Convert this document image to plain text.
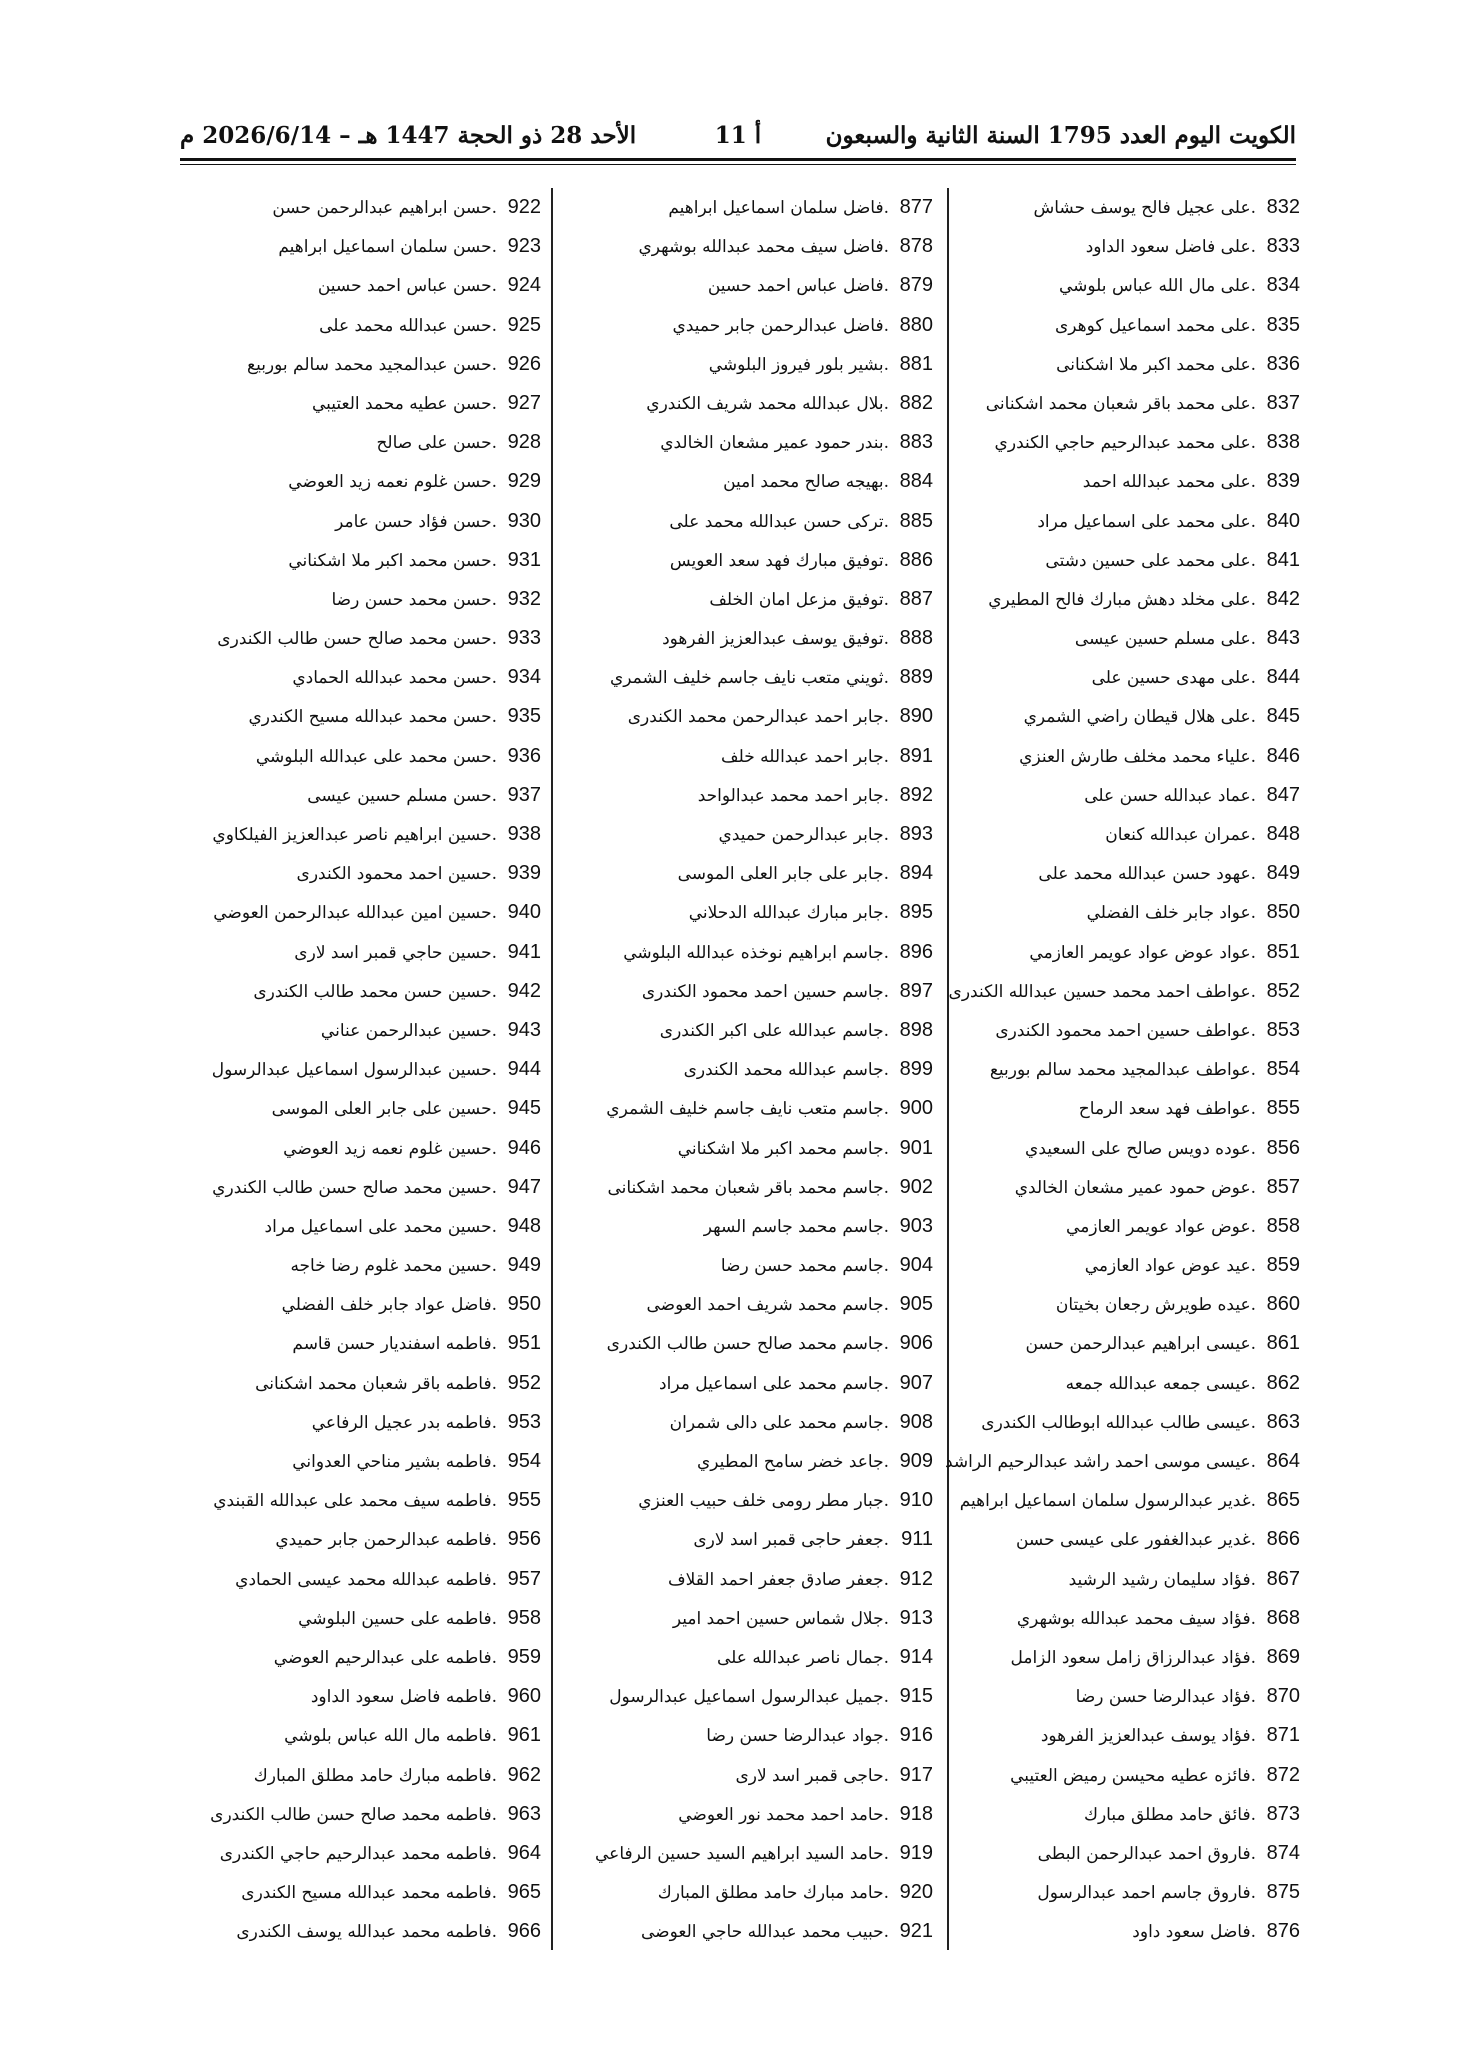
الكويت اليوم العدد 1795 السنة الثانية والسبعون
أ 11
الأحد 28 ذو الحجة 1447 هـ – 2026/6/14 م
832.على عجيل فالح يوسف حشاش
833.على فاضل سعود الداود
834.على مال الله عباس بلوشي
835.على محمد اسماعيل كوهرى
836.على محمد اكبر ملا اشكنانى
837.على محمد باقر شعبان محمد اشكنانى
838.على محمد عبدالرحيم حاجي الكندري
839.على محمد عبدالله احمد
840.على محمد على اسماعيل مراد
841.على محمد على حسين دشتى
842.على مخلد دهش مبارك فالح المطيري
843.على مسلم حسين عيسى
844.على مهدى حسين على
845.على هلال قيطان راضي الشمري
846.علياء محمد مخلف طارش العنزي
847.عماد عبدالله حسن على
848.عمران عبدالله كنعان
849.عهود حسن عبدالله محمد على
850.عواد جابر خلف الفضلي
851.عواد عوض عواد عويمر العازمي
852.عواطف احمد محمد حسين عبدالله الكندرى
853.عواطف حسين احمد محمود الكندرى
854.عواطف عبدالمجيد محمد سالم بوربيع
855.عواطف فهد سعد الرماح
856.عوده دويس صالح على السعيدي
857.عوض حمود عمير مشعان الخالدي
858.عوض عواد عويمر العازمي
859.عيد عوض عواد العازمي
860.عيده طويرش رجعان بخيتان
861.عيسى ابراهيم عبدالرحمن حسن
862.عيسى جمعه عبدالله جمعه
863.عيسى طالب عبدالله ابوطالب الكندرى
864.عيسى موسى احمد راشد عبدالرحيم الراشد
865.غدير عبدالرسول سلمان اسماعيل ابراهيم
866.غدير عبدالغفور على عيسى حسن
867.فؤاد سليمان رشيد الرشيد
868.فؤاد سيف محمد عبدالله بوشهري
869.فؤاد عبدالرزاق زامل سعود الزامل
870.فؤاد عبدالرضا حسن رضا
871.فؤاد يوسف عبدالعزيز الفرهود
872.فائزه عطيه محيسن رميض العتيبي
873.فائق حامد مطلق مبارك
874.فاروق احمد عبدالرحمن البطى
875.فاروق جاسم احمد عبدالرسول
876.فاضل سعود داود
877.فاضل سلمان اسماعيل ابراهيم
878.فاضل سيف محمد عبدالله بوشهري
879.فاضل عباس احمد حسين
880.فاضل عبدالرحمن جابر حميدي
881.بشير بلور فيروز البلوشي
882.بلال عبدالله محمد شريف الكندري
883.بندر حمود عمير مشعان الخالدي
884.بهيجه صالح محمد امين
885.تركى حسن عبدالله محمد على
886.توفيق مبارك فهد سعد العويس
887.توفيق مزعل امان الخلف
888.توفيق يوسف عبدالعزيز الفرهود
889.ثويني متعب نايف جاسم خليف الشمري
890.جابر احمد عبدالرحمن محمد الكندرى
891.جابر احمد عبدالله خلف
892.جابر احمد محمد عبدالواحد
893.جابر عبدالرحمن حميدي
894.جابر على جابر العلى الموسى
895.جابر مبارك عبدالله الدحلاني
896.جاسم ابراهيم نوخذه عبدالله البلوشي
897.جاسم حسين احمد محمود الكندرى
898.جاسم عبدالله على اكبر الكندرى
899.جاسم عبدالله محمد الكندرى
900.جاسم متعب نايف جاسم خليف الشمري
901.جاسم محمد اكبر ملا اشكناني
902.جاسم محمد باقر شعبان محمد اشكنانى
903.جاسم محمد جاسم السهر
904.جاسم محمد حسن رضا
905.جاسم محمد شريف احمد العوضى
906.جاسم محمد صالح حسن طالب الكندرى
907.جاسم محمد على اسماعيل مراد
908.جاسم محمد على دالى شمران
909.جاعد خضر سامح المطيري
910.جبار مطر رومى خلف حبيب العنزي
911.جعفر حاجى قمبر اسد لارى
912.جعفر صادق جعفر احمد القلاف
913.جلال شماس حسين احمد امير
914.جمال ناصر عبدالله على
915.جميل عبدالرسول اسماعيل عبدالرسول
916.جواد عبدالرضا حسن رضا
917.حاجى قمبر اسد لارى
918.حامد احمد محمد نور العوضي
919.حامد السيد ابراهيم السيد حسين الرفاعي
920.حامد مبارك حامد مطلق المبارك
921.حبيب محمد عبدالله حاجي العوضى
922.حسن ابراهيم عبدالرحمن حسن
923.حسن سلمان اسماعيل ابراهيم
924.حسن عباس احمد حسين
925.حسن عبدالله محمد على
926.حسن عبدالمجيد محمد سالم بوربيع
927.حسن عطيه محمد العتيبي
928.حسن على صالح
929.حسن غلوم نعمه زيد العوضي
930.حسن فؤاد حسن عامر
931.حسن محمد اكبر ملا اشكناني
932.حسن محمد حسن رضا
933.حسن محمد صالح حسن طالب الكندرى
934.حسن محمد عبدالله الحمادي
935.حسن محمد عبدالله مسيح الكندري
936.حسن محمد على عبدالله البلوشي
937.حسن مسلم حسين عيسى
938.حسين ابراهيم ناصر عبدالعزيز الفيلكاوي
939.حسين احمد محمود الكندرى
940.حسين امين عبدالله عبدالرحمن العوضي
941.حسين حاجي قمبر اسد لارى
942.حسين حسن محمد طالب الكندرى
943.حسين عبدالرحمن عناني
944.حسين عبدالرسول اسماعيل عبدالرسول
945.حسين على جابر العلى الموسى
946.حسين غلوم نعمه زيد العوضي
947.حسين محمد صالح حسن طالب الكندري
948.حسين محمد على اسماعيل مراد
949.حسين محمد غلوم رضا خاجه
950.فاضل عواد جابر خلف الفضلي
951.فاطمه اسفنديار حسن قاسم
952.فاطمه باقر شعبان محمد اشكنانى
953.فاطمه بدر عجيل الرفاعي
954.فاطمه بشير مناحي العدواني
955.فاطمه سيف محمد على عبدالله القبندي
956.فاطمه عبدالرحمن جابر حميدي
957.فاطمه عبدالله محمد عيسى الحمادي
958.فاطمه على حسين البلوشي
959.فاطمه على عبدالرحيم العوضي
960.فاطمه فاضل سعود الداود
961.فاطمه مال الله عباس بلوشي
962.فاطمه مبارك حامد مطلق المبارك
963.فاطمه محمد صالح حسن طالب الكندرى
964.فاطمه محمد عبدالرحيم حاجي الكندرى
965.فاطمه محمد عبدالله مسيح الكندرى
966.فاطمه محمد عبدالله يوسف الكندرى
